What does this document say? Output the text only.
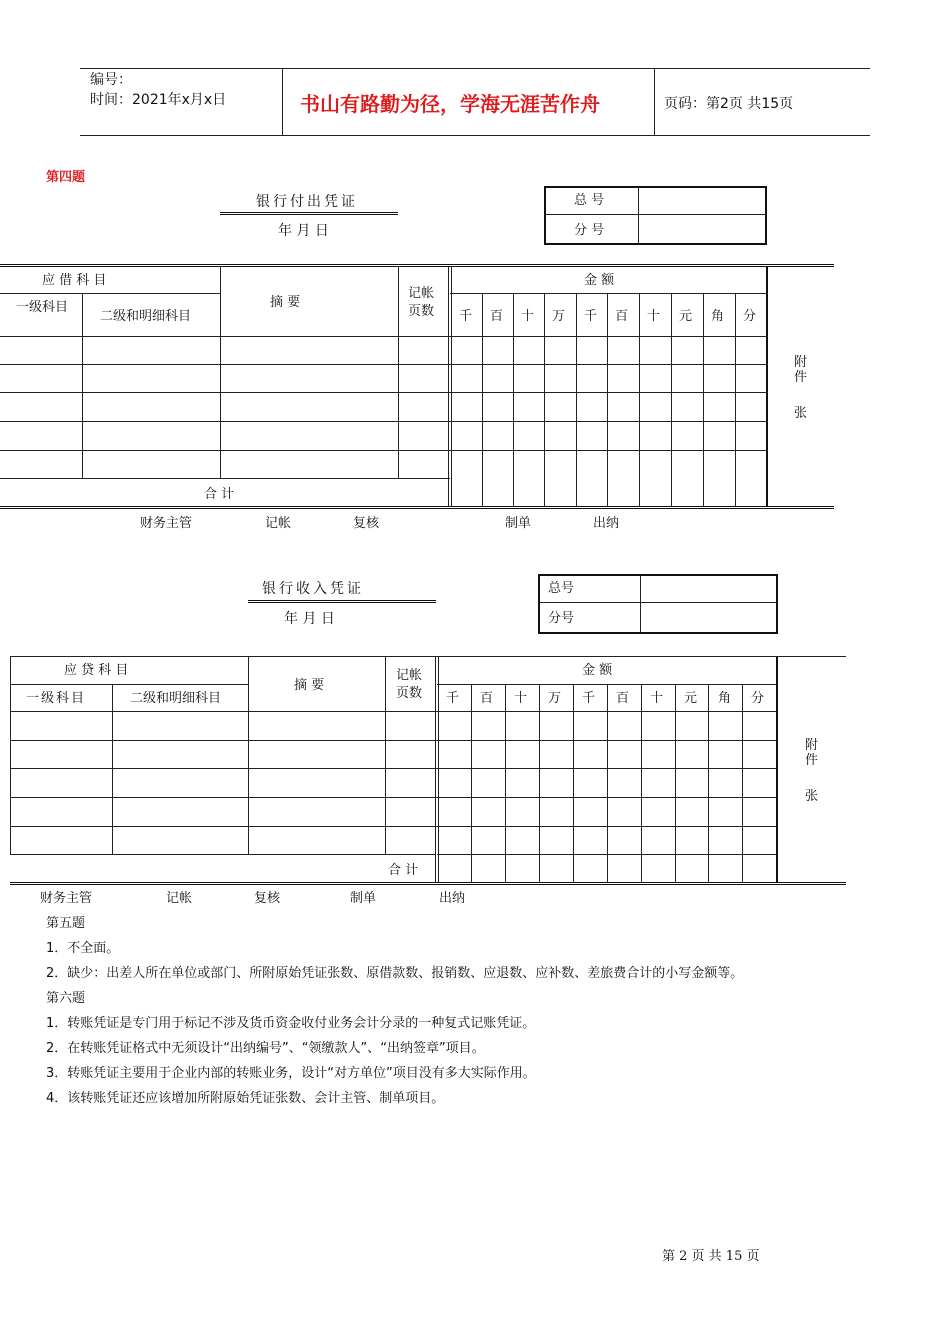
编号：
时间：2021年x月x日	书山有路勤为径，学海无涯苦作舟	页码：第2页 共15页
第四题
银行付出凭证
年 月 日
总 号
分 号
应 借 科 目
一级科目
二级和明细科目
摘 要
记帐页数
金 额
千 百 十 万 千 百 十 元 角 分
合 计
附
件
张
财务主管	记帐	复核	制单	出纳
银行收入凭证
年 月 日
总号
分号
应 贷 科 目
一级科目	二级和明细科目
摘 要
记帐页数
金 额
千 百 十 万 千 百 十 元 角 分
合 计
附
件
张
财务主管	记帐	复核	制单	出纳
第五题
1．不全面。
2．缺少：出差人所在单位或部门、所附原始凭证张数、原借款数、报销数、应退数、应补数、差旅费合计的小写金额等。
第六题
1．转账凭证是专门用于标记不涉及货币资金收付业务会计分录的一种复式记账凭证。
2．在转账凭证格式中无须设计“出纳编号”、“领缴款人”、“出纳签章”项目。
3．转账凭证主要用于企业内部的转账业务，设计“对方单位”项目没有多大实际作用。
4．该转账凭证还应该增加所附原始凭证张数、会计主管、制单项目。
第 2 页 共 15 页
